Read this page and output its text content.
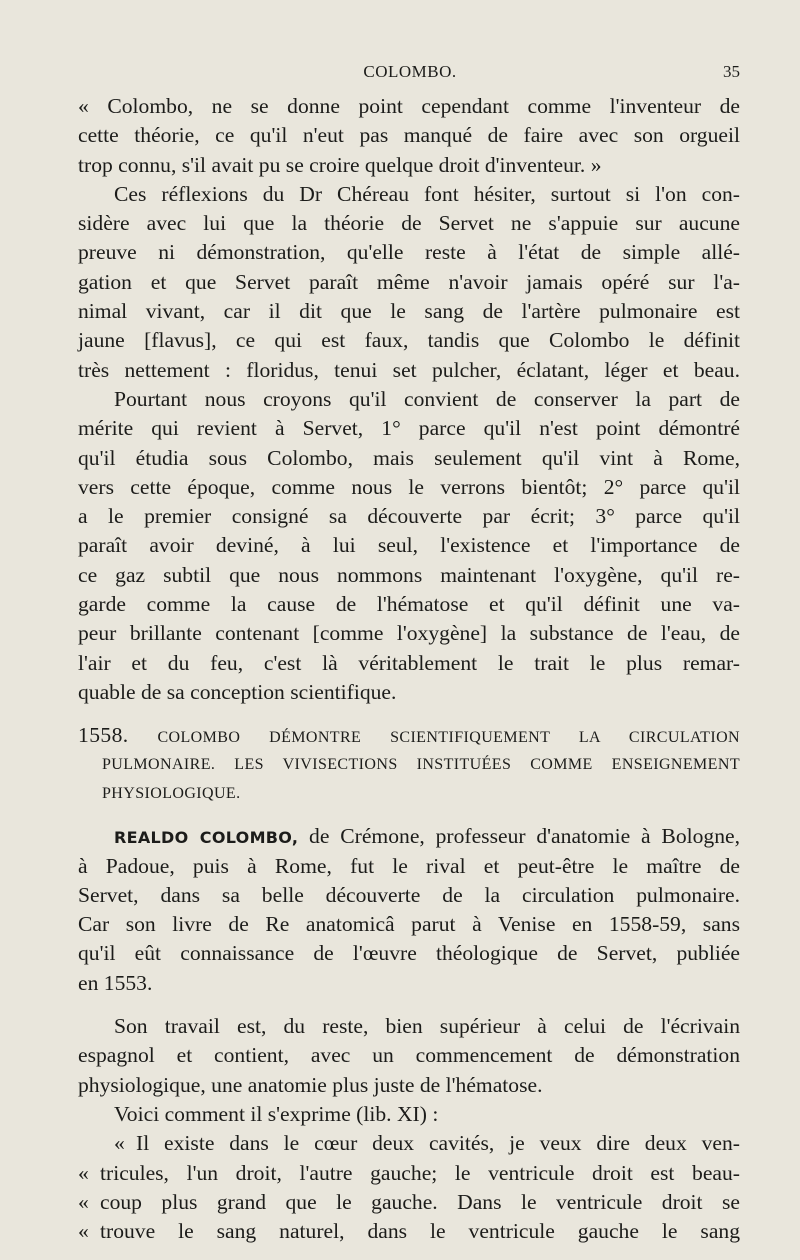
COLOMBO.	35
« Colombo, ne se donne point cependant comme l'inventeur de
cette théorie, ce qu'il n'eut pas manqué de faire avec son orgueil
trop connu, s'il avait pu se croire quelque droit d'inventeur. »
Ces réflexions du Dr Chéreau font hésiter, surtout si l'on con-
sidère avec lui que la théorie de Servet ne s'appuie sur aucune
preuve ni démonstration, qu'elle reste à l'état de simple allé-
gation et que Servet paraît même n'avoir jamais opéré sur l'a-
nimal vivant, car il dit que le sang de l'artère pulmonaire est
jaune [flavus], ce qui est faux, tandis que Colombo le définit
très nettement : floridus, tenui set pulcher, éclatant, léger et beau.
Pourtant nous croyons qu'il convient de conserver la part de
mérite qui revient à Servet, 1° parce qu'il n'est point démontré
qu'il étudia sous Colombo, mais seulement qu'il vint à Rome,
vers cette époque, comme nous le verrons bientôt; 2° parce qu'il
a le premier consigné sa découverte par écrit; 3° parce qu'il
paraît avoir deviné, à lui seul, l'existence et l'importance de
ce gaz subtil que nous nommons maintenant l'oxygène, qu'il re-
garde comme la cause de l'hématose et qu'il définit une va-
peur brillante contenant [comme l'oxygène] la substance de l'eau, de
l'air et du feu, c'est là véritablement le trait le plus remar-
quable de sa conception scientifique.
1558. COLOMBO DÉMONTRE SCIENTIFIQUEMENT LA CIRCULATION
PULMONAIRE. LES VIVISECTIONS INSTITUÉES COMME ENSEIGNEMENT
PHYSIOLOGIQUE.
REALDO COLOMBO, de Crémone, professeur d'anatomie à Bologne,
à Padoue, puis à Rome, fut le rival et peut-être le maître de
Servet, dans sa belle découverte de la circulation pulmonaire.
Car son livre de Re anatomicâ parut à Venise en 1558-59, sans
qu'il eût connaissance de l'œuvre théologique de Servet, publiée
en 1553.
Son travail est, du reste, bien supérieur à celui de l'écrivain
espagnol et contient, avec un commencement de démonstration
physiologique, une anatomie plus juste de l'hématose.
Voici comment il s'exprime (lib. XI) :
« Il existe dans le cœur deux cavités, je veux dire deux ven-
« tricules, l'un droit, l'autre gauche; le ventricule droit est beau-
« coup plus grand que le gauche. Dans le ventricule droit se
« trouve le sang naturel, dans le ventricule gauche le sang
